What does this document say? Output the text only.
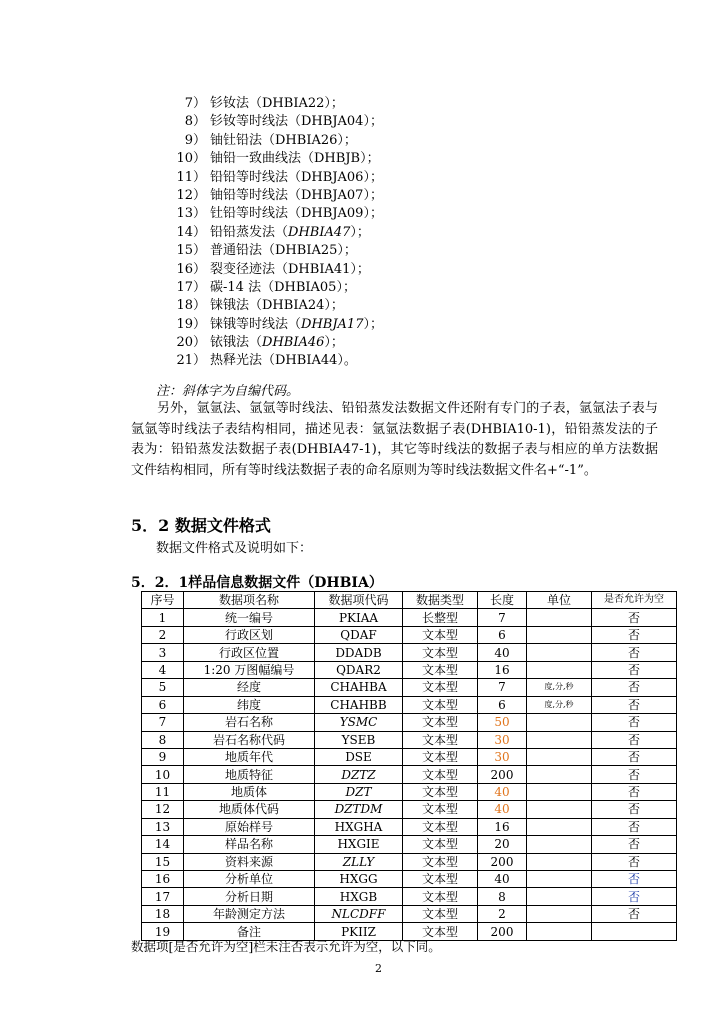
7） 钐钕法（DHBIA22）；
8） 钐钕等时线法（DHBJA04）；
9） 铀钍铅法（DHBIA26）；
10） 铀铅一致曲线法（DHBJB）；
11） 铅铅等时线法（DHBJA06）；
12） 铀铅等时线法（DHBJA07）；
13） 钍铅等时线法（DHBJA09）；
14） 铅铅蒸发法（DHBIA47）；
15） 普通铅法（DHBIA25）；
16） 裂变径迹法（DHBIA41）；
17） 碳-14 法（DHBIA05）；
18） 铼锇法（DHBIA24）；
19） 铼锇等时线法（DHBJA17）；
20） 铱锇法（DHBIA46）；
21） 热释光法（DHBIA44）。
注：斜体字为自编代码。
另外，氩氩法、氩氩等时线法、铅铅蒸发法数据文件还附有专门的子表，氩氩法子表与氩氩等时线法子表结构相同，描述见表：氩氩法数据子表(DHBIA10-1)，铅铅蒸发法的子表为：铅铅蒸发法数据子表(DHBIA47-1)，其它等时线法的数据子表与相应的单方法数据文件结构相同，所有等时线法数据子表的命名原则为等时线法数据文件名+“-1”。
5．2 数据文件格式
数据文件格式及说明如下：
5．2．1样品信息数据文件（DHBIA）
序号	数据项名称	数据项代码	数据类型	长度	单位	是否允许为空
1	统一编号	PKIAA	长整型	7		否
2	行政区划	QDAF	文本型	6		否
3	行政区位置	DDADB	文本型	40		否
4	1:20 万图幅编号	QDAR2	文本型	16		否
5	经度	CHAHBA	文本型	7	度,分,秒	否
6	纬度	CHAHBB	文本型	6	度,分,秒	否
7	岩石名称	YSMC	文本型	50		否
8	岩石名称代码	YSEB	文本型	30		否
9	地质年代	DSE	文本型	30		否
10	地质特征	DZTZ	文本型	200		否
11	地质体	DZT	文本型	40		否
12	地质体代码	DZTDM	文本型	40		否
13	原始样号	HXGHA	文本型	16		否
14	样品名称	HXGIE	文本型	20		否
15	资料来源	ZLLY	文本型	200		否
16	分析单位	HXGG	文本型	40		否
17	分析日期	HXGB	文本型	8		否
18	年龄测定方法	NLCDFF	文本型	2		否
19	备注	PKIIZ	文本型	200		
数据项[是否允许为空]栏未注否表示允许为空，以下同。
2
